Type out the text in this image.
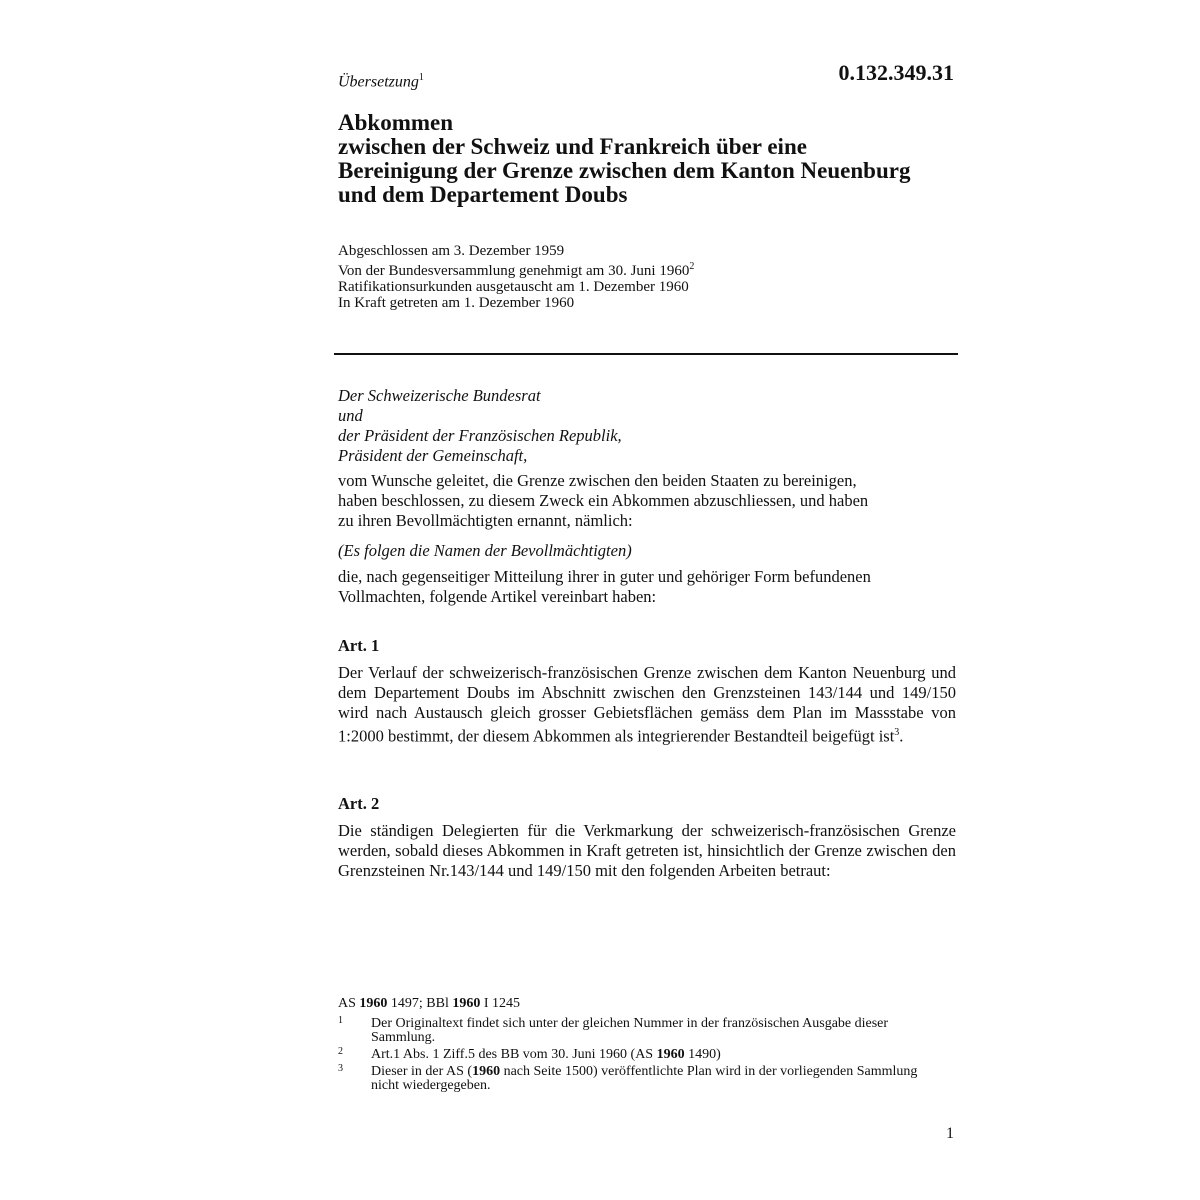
Übersetzung$^1$	0.132.349.31
Abkommen
zwischen der Schweiz und Frankreich über eine
Bereinigung der Grenze zwischen dem Kanton Neuenburg
und dem Departement Doubs
Abgeschlossen am 3. Dezember 1959
Von der Bundesversammlung genehmigt am 30. Juni 1960$^2$
Ratifikationsurkunden ausgetauscht am 1. Dezember 1960
In Kraft getreten am 1. Dezember 1960
Der Schweizerische Bundesrat
und
der Präsident der Französischen Republik,
Präsident der Gemeinschaft,
vom Wunsche geleitet, die Grenze zwischen den beiden Staaten zu bereinigen,
haben beschlossen, zu diesem Zweck ein Abkommen abzuschliessen, und haben
zu ihren Bevollmächtigten ernannt, nämlich:
(Es folgen die Namen der Bevollmächtigten)
die, nach gegenseitiger Mitteilung ihrer in guter und gehöriger Form befundenen
Vollmachten, folgende Artikel vereinbart haben:
Art. 1
Der Verlauf der schweizerisch-französischen Grenze zwischen dem Kanton Neuenburg und dem Departement Doubs im Abschnitt zwischen den Grenzsteinen 143/144 und 149/150 wird nach Austausch gleich grosser Gebietsflächen gemäss dem Plan im Massstabe von 1:2000 bestimmt, der diesem Abkommen als integrierender Bestandteil beigefügt ist$^3$.
Art. 2
Die ständigen Delegierten für die Verkmarkung der schweizerisch-französischen Grenze werden, sobald dieses Abkommen in Kraft getreten ist, hinsichtlich der Grenze zwischen den Grenzsteinen Nr.143/144 und 149/150 mit den folgenden Arbeiten betraut:
AS 1960 1497; BBl 1960 I 1245
1 Der Originaltext findet sich unter der gleichen Nummer in der französischen Ausgabe dieser Sammlung.
2 Art.1 Abs. 1 Ziff.5 des BB vom 30. Juni 1960 (AS 1960 1490)
3 Dieser in der AS (1960 nach Seite 1500) veröffentlichte Plan wird in der vorliegenden Sammlung nicht wiedergegeben.
1
